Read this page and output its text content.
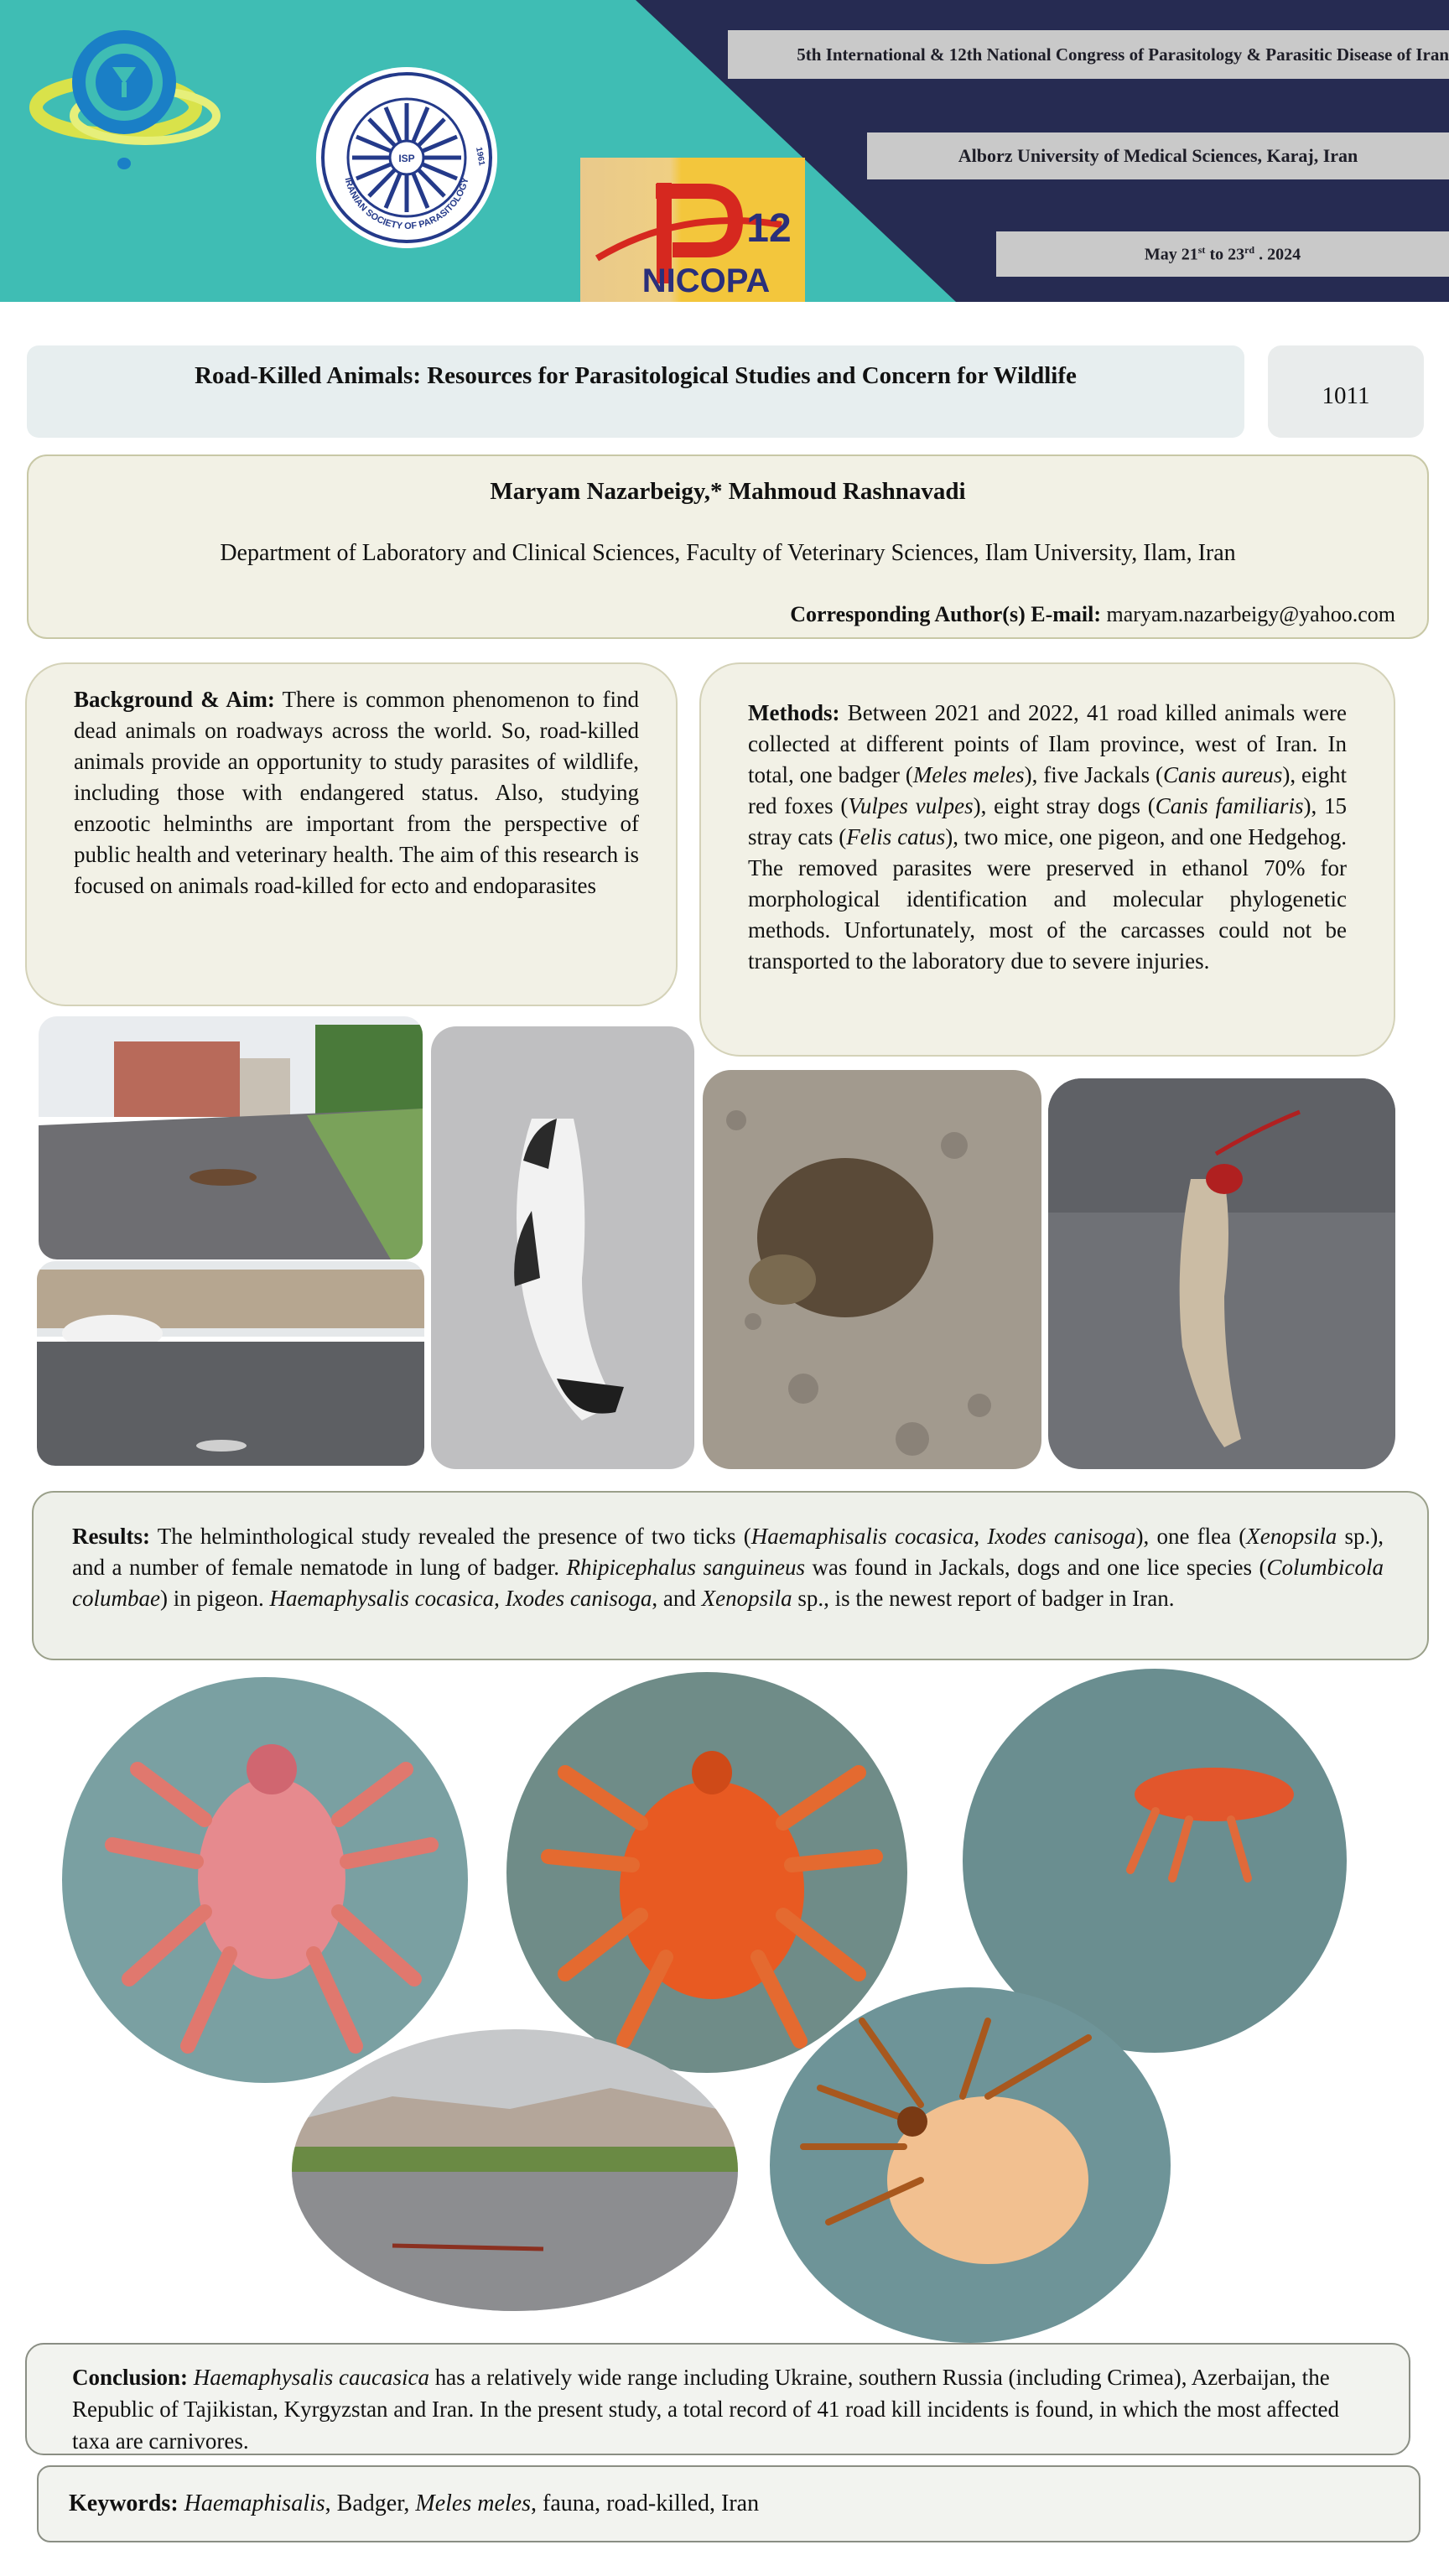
ISP
IRANIAN SOCIETY OF PARASITOLOGY
1961
12
NICOPA
5th International & 12th National Congress of Parasitology & Parasitic Disease of Iran
Alborz University of Medical Sciences, Karaj, Iran
May 21st to 23rd . 2024
Road-Killed Animals: Resources for Parasitological Studies and Concern for Wildlife
1011
Maryam Nazarbeigy,* Mahmoud Rashnavadi
Department of Laboratory and Clinical Sciences, Faculty of Veterinary Sciences, Ilam University, Ilam, Iran
Corresponding Author(s) E-mail: maryam.nazarbeigy@yahoo.com
Background & Aim: There is common phenomenon to find dead animals on roadways across the world. So, road-killed animals provide an opportunity to study parasites of wildlife, including those with endangered status. Also, studying enzootic helminths are important from the perspective of public health and veterinary health. The aim of this research is focused on animals road-killed for ecto and endoparasites
Methods: Between 2021 and 2022, 41 road killed animals were collected at different points of Ilam province, west of Iran. In total, one badger (Meles meles), five Jackals (Canis aureus), eight red foxes (Vulpes vulpes), eight stray dogs (Canis familiaris), 15 stray cats (Felis catus), two mice, one pigeon, and one Hedgehog. The removed parasites were preserved in ethanol 70% for morphological identification and molecular phylogenetic methods. Unfortunately, most of the carcasses could not be transported to the laboratory due to severe injuries.
Results: The helminthological study revealed the presence of two ticks (Haemaphisalis cocasica, Ixodes canisoga), one flea (Xenopsila sp.), and a number of female nematode in lung of badger. Rhipicephalus sanguineus was found in Jackals, dogs and one lice species (Columbicola columbae) in pigeon. Haemaphysalis cocasica, Ixodes canisoga, and Xenopsila sp., is the newest report of badger in Iran.
Conclusion: Haemaphysalis caucasica has a relatively wide range including Ukraine, southern Russia (including Crimea), Azerbaijan, the Republic of Tajikistan, Kyrgyzstan and Iran. In the present study, a total record of 41 road kill incidents is found, in which the most affected taxa are carnivores.
Keywords: Haemaphisalis, Badger, Meles meles, fauna, road-killed, Iran
